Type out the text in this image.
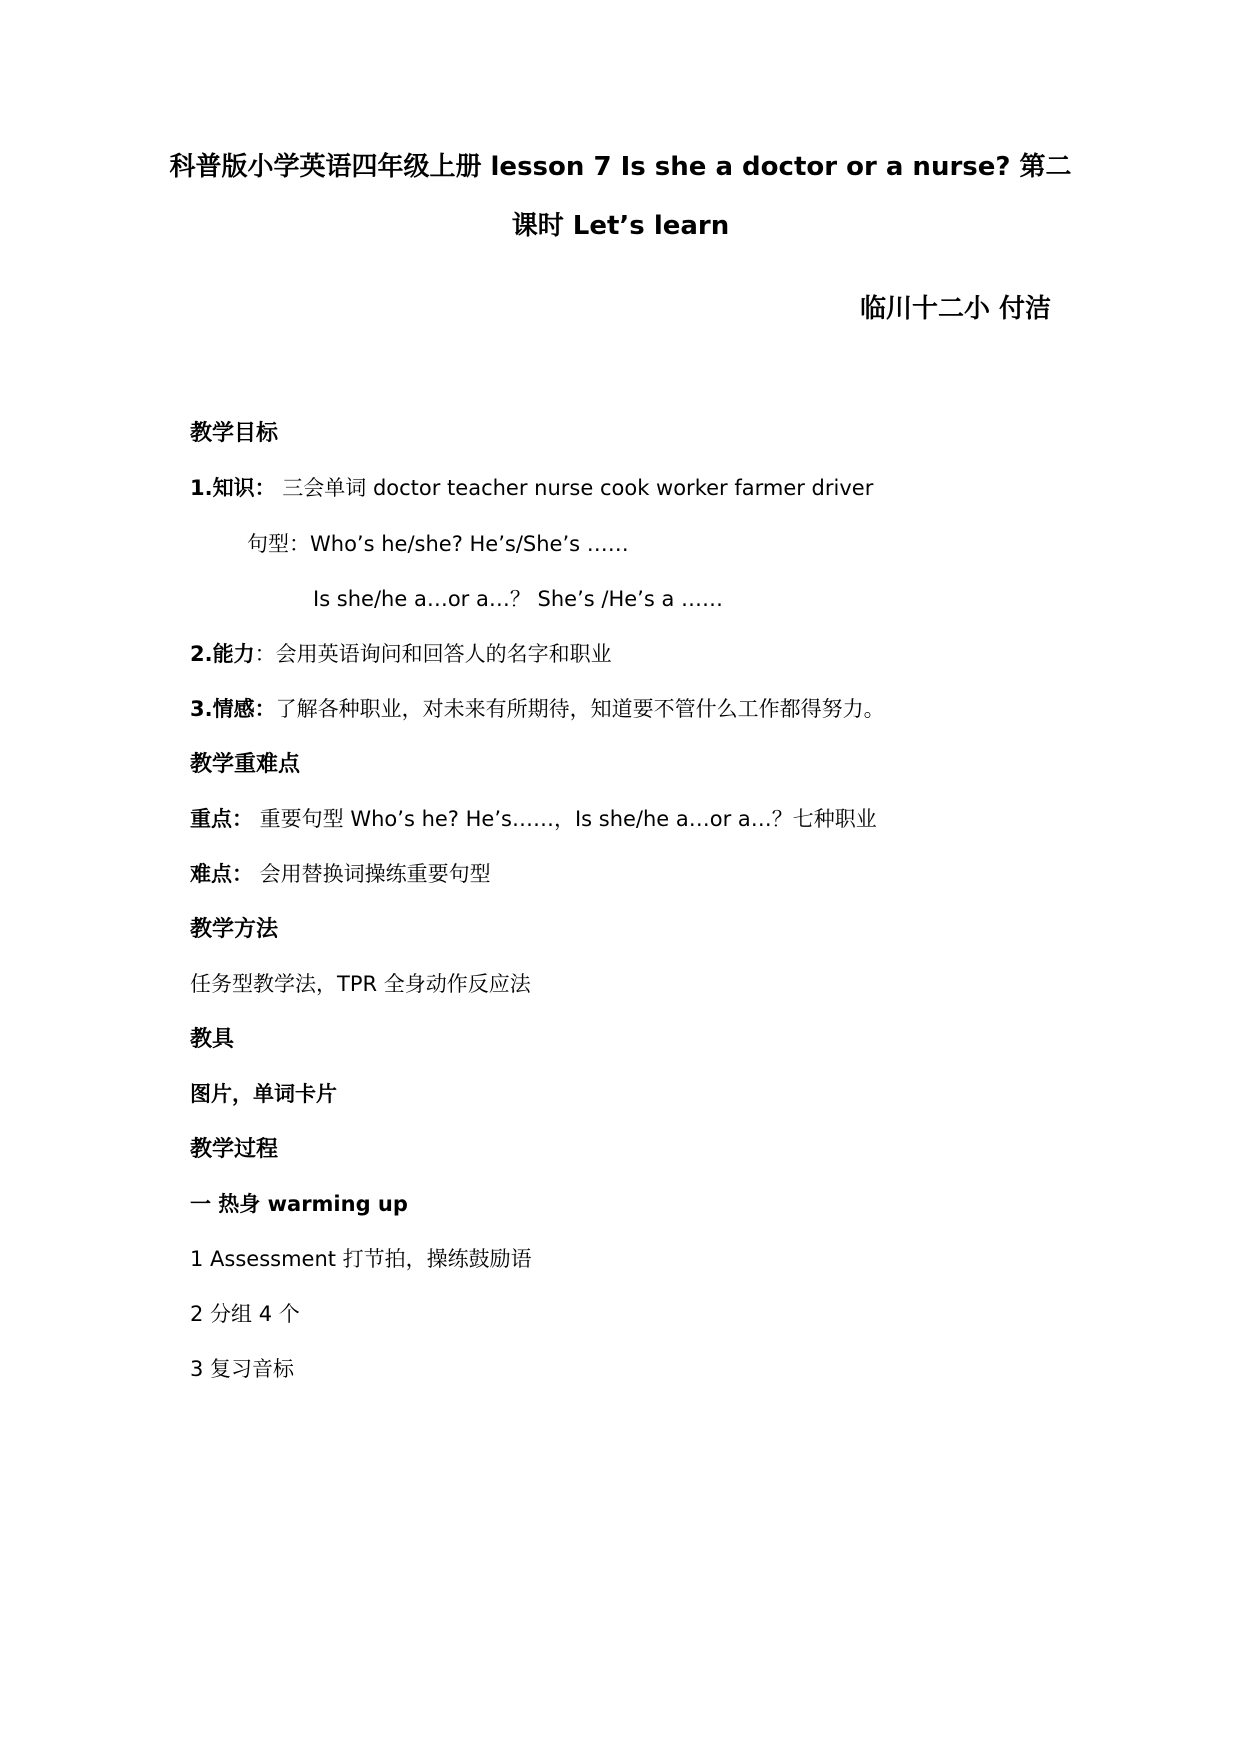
科普版小学英语四年级上册 lesson 7 Is she a doctor or a nurse? 第二
课时 Let’s learn
临川十二小 付洁
教学目标
1.知识： 三会单词 doctor teacher nurse cook worker farmer driver
句型：Who’s he/she? He’s/She’s ……
Is she/he a…or a…？ She’s /He’s a ……
2.能力：会用英语询问和回答人的名字和职业
3.情感：了解各种职业，对未来有所期待，知道要不管什么工作都得努力。
教学重难点
重点： 重要句型 Who’s he? He’s……，Is she/he a…or a…？七种职业
难点： 会用替换词操练重要句型
教学方法
任务型教学法，TPR 全身动作反应法
教具
图片，单词卡片
教学过程
一 热身 warming up
1 Assessment 打节拍，操练鼓励语
2 分组 4 个
3 复习音标
